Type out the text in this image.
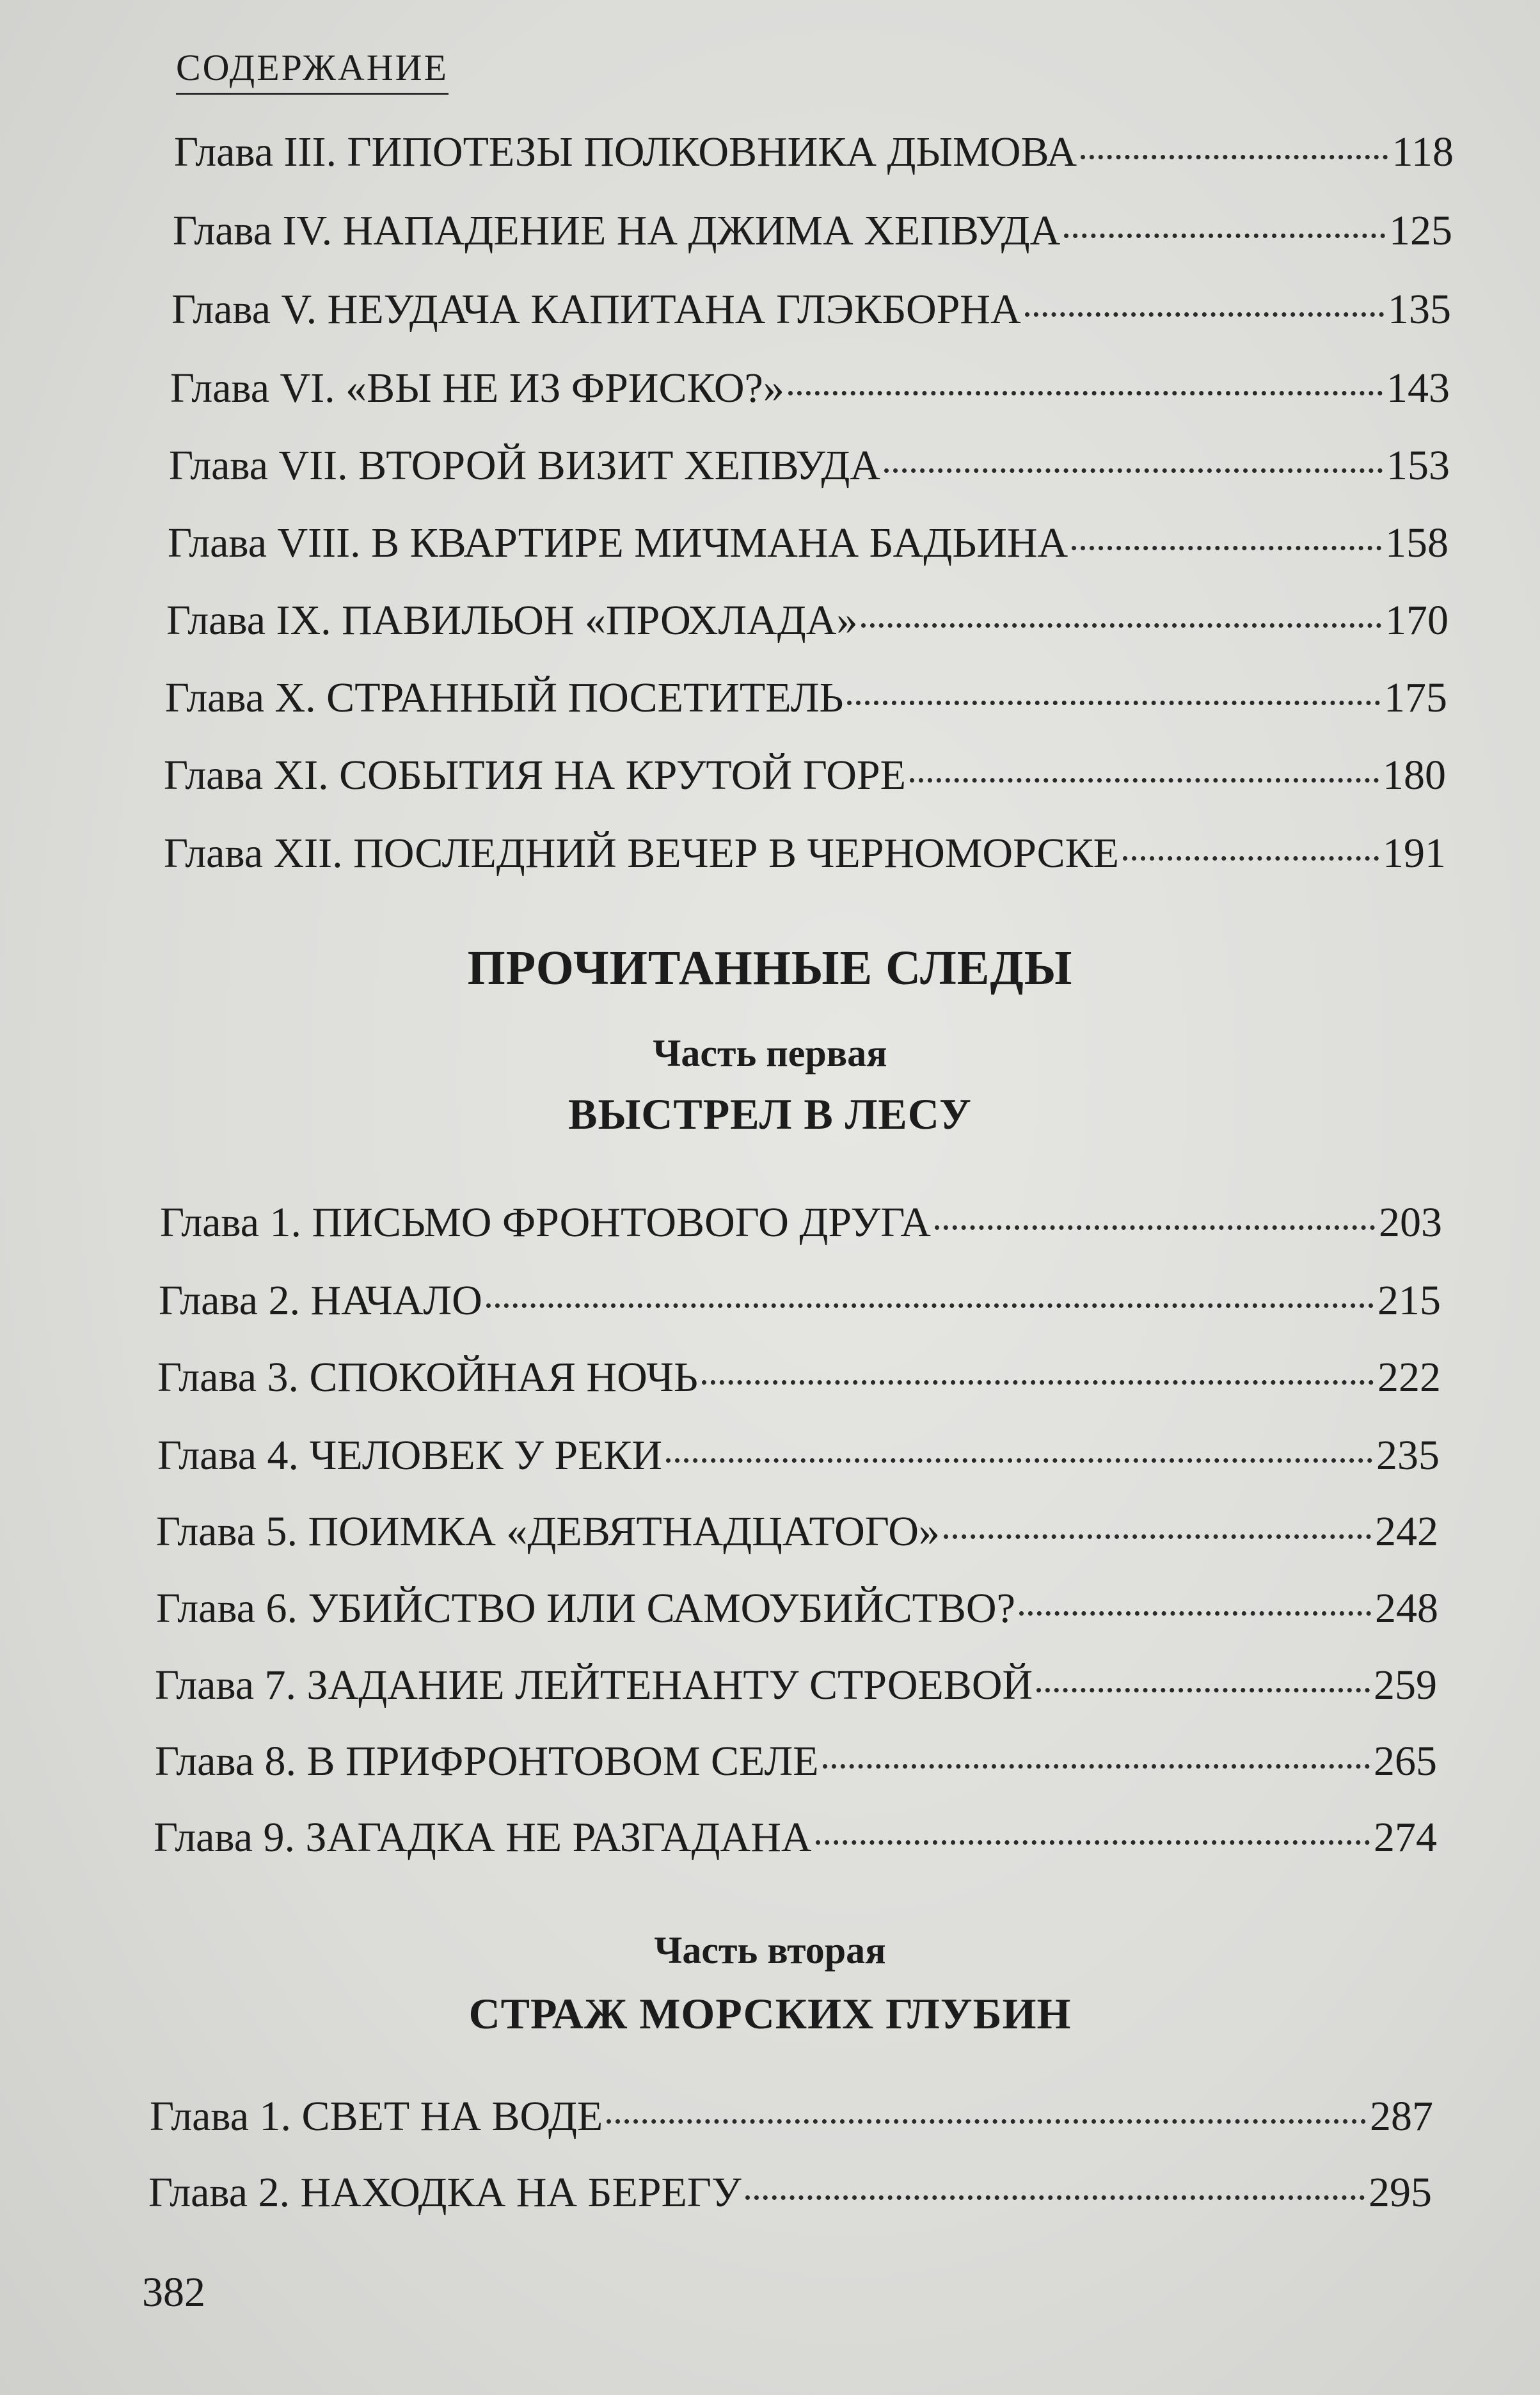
СОДЕРЖАНИЕ
Глава III. ГИПОТЕЗЫ ПОЛКОВНИКА ДЫМОВА	118
Глава IV. НАПАДЕНИЕ НА ДЖИМА ХЕПВУДА	125
Глава V. НЕУДАЧА КАПИТАНА ГЛЭКБОРНА	135
Глава VI. «ВЫ НЕ ИЗ ФРИСКО?»	143
Глава VII. ВТОРОЙ ВИЗИТ ХЕПВУДА	153
Глава VIII. В КВАРТИРЕ МИЧМАНА БАДЬИНА	158
Глава IX. ПАВИЛЬОН «ПРОХЛАДА»	170
Глава X. СТРАННЫЙ ПОСЕТИТЕЛЬ	175
Глава XI. СОБЫТИЯ НА КРУТОЙ ГОРЕ	180
Глава XII. ПОСЛЕДНИЙ ВЕЧЕР В ЧЕРНОМОРСКЕ	191
ПРОЧИТАННЫЕ СЛЕДЫ
Часть первая
ВЫСТРЕЛ В ЛЕСУ
Глава 1. ПИСЬМО ФРОНТОВОГО ДРУГА	203
Глава 2. НАЧАЛО	215
Глава 3. СПОКОЙНАЯ НОЧЬ	222
Глава 4. ЧЕЛОВЕК У РЕКИ	235
Глава 5. ПОИМКА «ДЕВЯТНАДЦАТОГО»	242
Глава 6. УБИЙСТВО ИЛИ САМОУБИЙСТВО?	248
Глава 7. ЗАДАНИЕ ЛЕЙТЕНАНТУ СТРОЕВОЙ	259
Глава 8. В ПРИФРОНТОВОМ СЕЛЕ	265
Глава 9. ЗАГАДКА НЕ РАЗГАДАНА	274
Часть вторая
СТРАЖ МОРСКИХ ГЛУБИН
Глава 1. СВЕТ НА ВОДЕ	287
Глава 2. НАХОДКА НА БЕРЕГУ	295
382
